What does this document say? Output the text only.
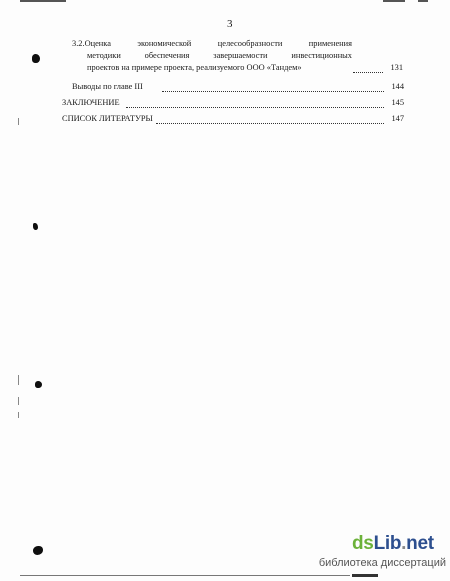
3
3.2.Оценка экономической целесообразности применения
методики обеспечения завершаемости инвестиционных
проектов на примере проекта, реализуемого ООО «Тандем»	131
Выводы по главе III	144
ЗАКЛЮЧЕНИЕ	145
СПИСОК ЛИТЕРАТУРЫ	147
dsLib.net
библиотека диссертаций
